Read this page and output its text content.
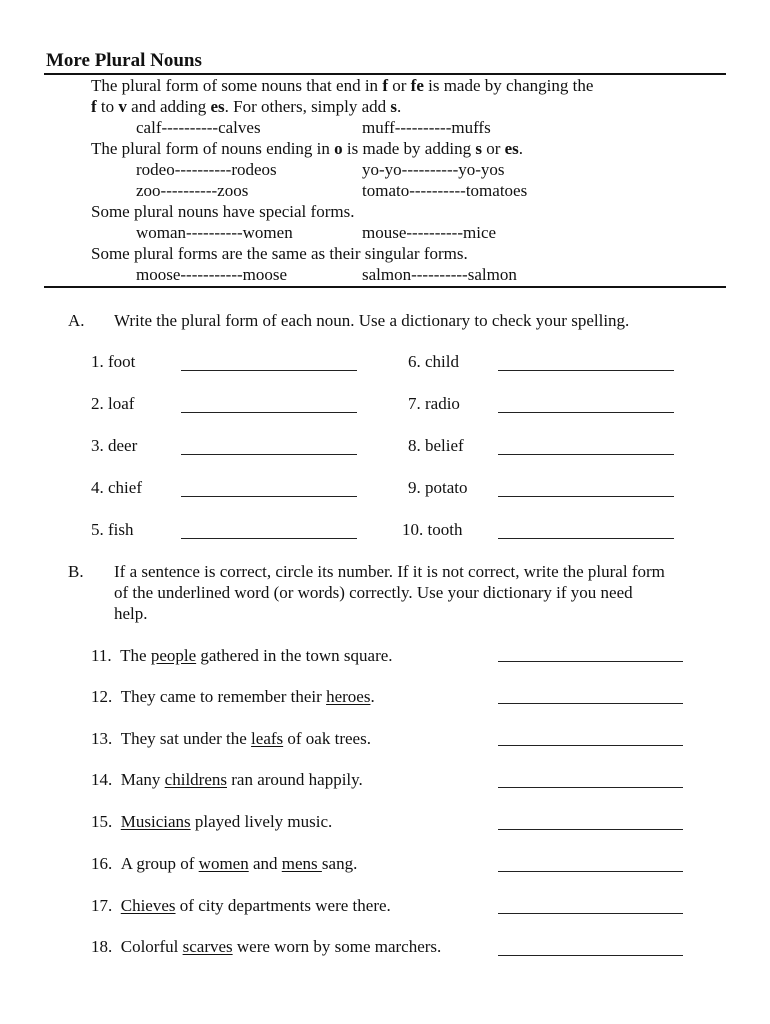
More Plural Nouns
The plural form of some nouns that end in f or fe is made by changing the
f to v and adding es. For others, simply add s.
calf----------calves	muff----------muffs
The plural form of nouns ending in o is made by adding s or es.
rodeo----------rodeos	yo-yo----------yo-yos
zoo----------zoos	tomato----------tomatoes
Some plural nouns have special forms.
woman----------women	mouse----------mice
Some plural forms are the same as their singular forms.
moose-----------moose	salmon----------salmon
A. Write the plural form of each noun. Use a dictionary to check your spelling.
1. foot	6. child
2. loaf	7. radio
3. deer	8. belief
4. chief	9. potato
5. fish	10. tooth
B. If a sentence is correct, circle its number. If it is not correct, write the plural form
of the underlined word (or words) correctly. Use your dictionary if you need
help.
11. The people gathered in the town square.
12. They came to remember their heroes.
13. They sat under the leafs of oak trees.
14. Many childrens ran around happily.
15. Musicians played lively music.
16. A group of women and mens sang.
17. Chieves of city departments were there.
18. Colorful scarves were worn by some marchers.
